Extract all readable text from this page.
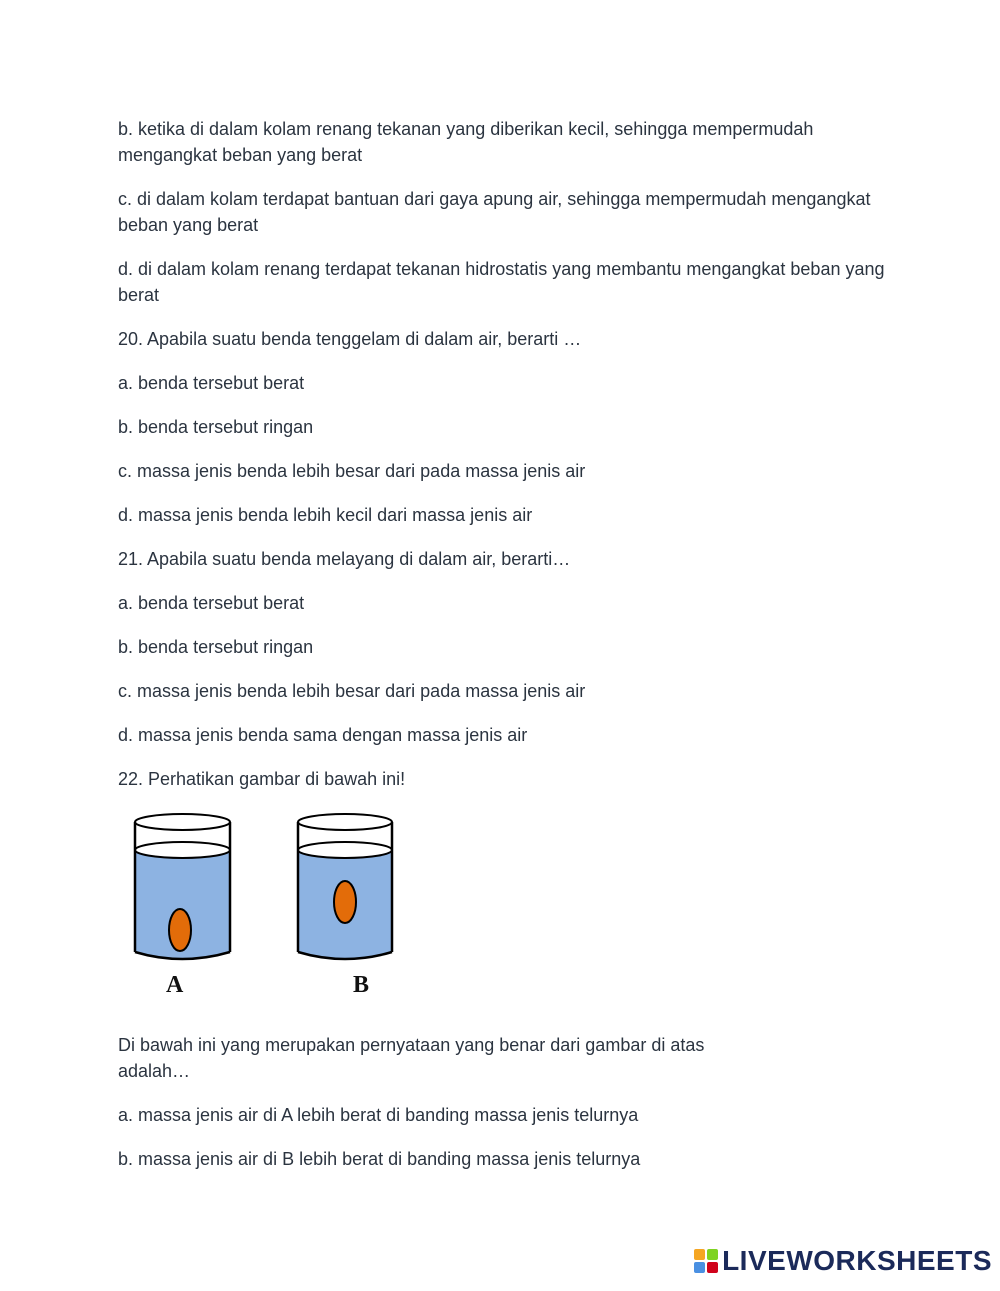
b. ketika di dalam kolam renang tekanan yang diberikan kecil, sehingga mempermudah mengangkat beban yang berat

c. di dalam kolam terdapat bantuan dari gaya apung air, sehingga mempermudah mengangkat beban yang berat

d. di dalam kolam renang terdapat tekanan hidrostatis yang membantu mengangkat beban yang berat

20. Apabila suatu benda tenggelam di dalam air, berarti …

a. benda tersebut berat

b. benda tersebut ringan

c. massa jenis benda lebih besar dari pada massa jenis air

d. massa jenis benda lebih kecil dari massa jenis air

21. Apabila suatu benda melayang di dalam air, berarti…

a. benda tersebut berat

b. benda tersebut ringan

c. massa jenis benda lebih besar dari pada massa jenis air

d. massa jenis benda sama dengan massa jenis air

22. Perhatikan gambar di bawah ini!

A	B

Di bawah ini yang merupakan pernyataan yang benar dari gambar di atas
adalah…

a. massa jenis air di A lebih berat di banding massa jenis telurnya

b. massa jenis air di B lebih berat di banding massa jenis telurnya

LIVEWORKSHEETS
